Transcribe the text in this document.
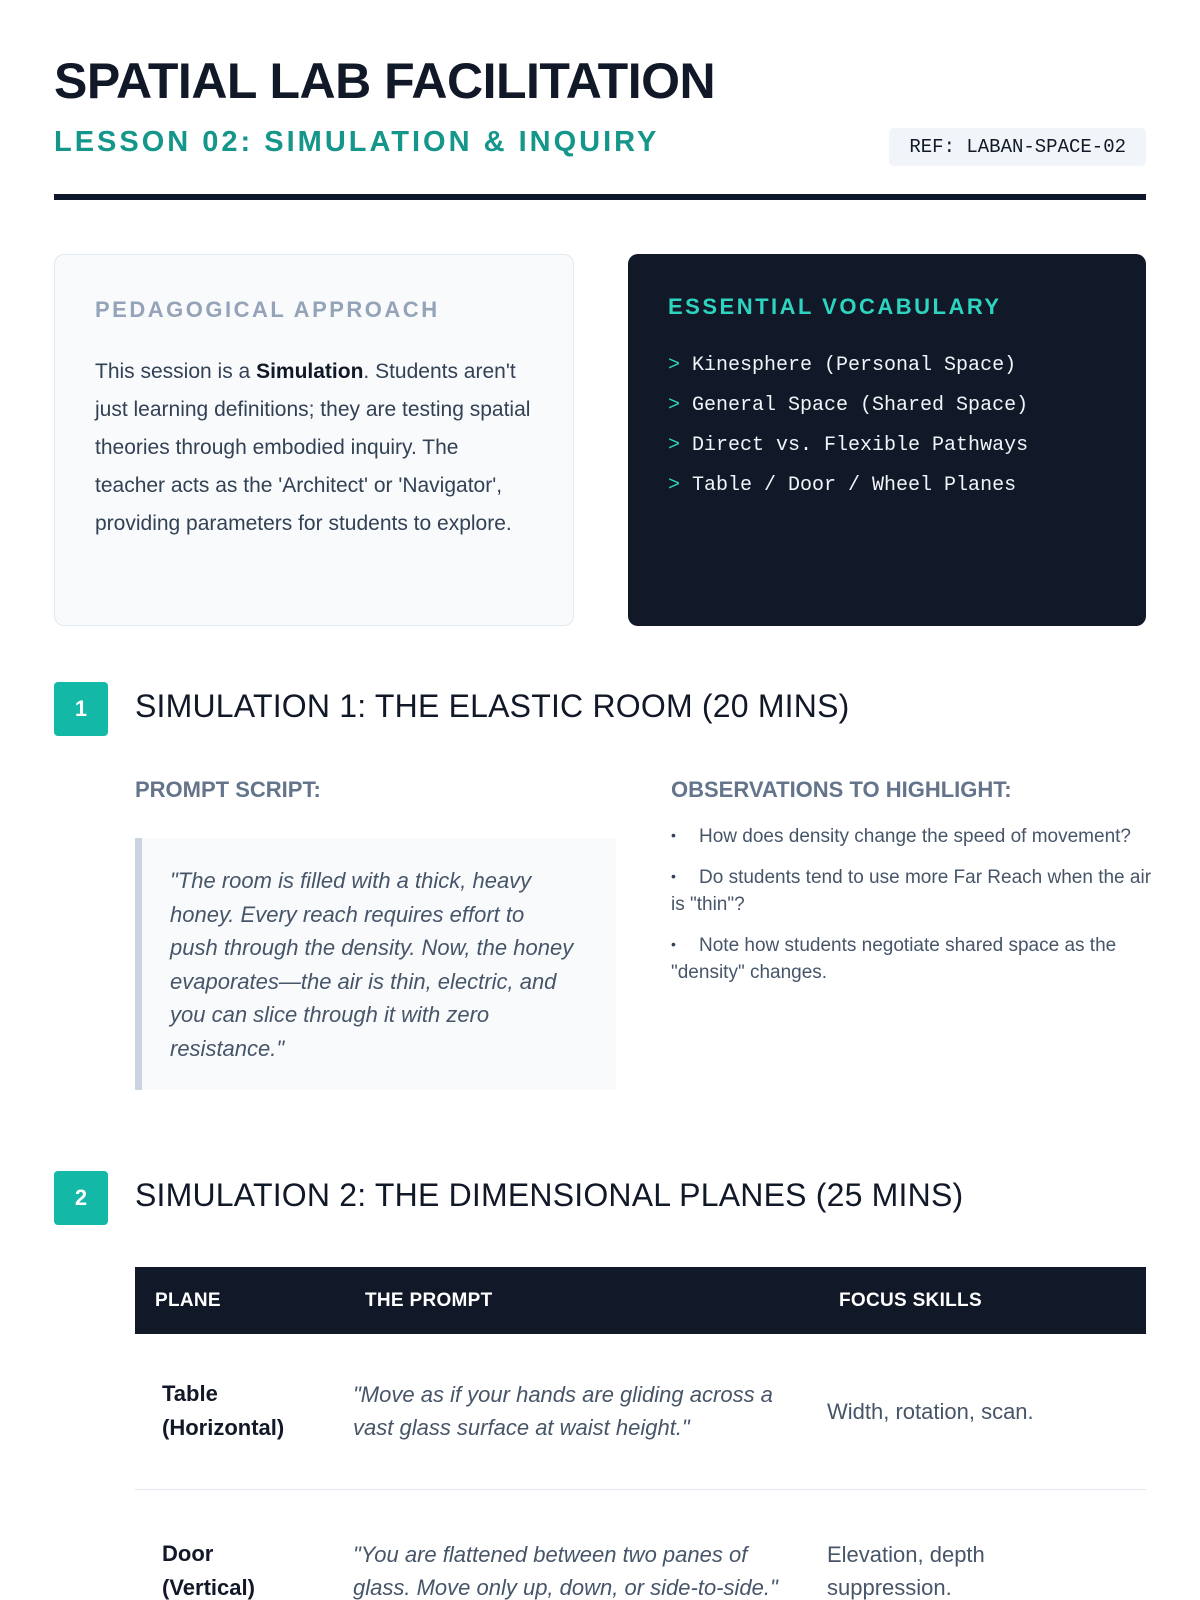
SPATIAL LAB FACILITATION
LESSON 02: SIMULATION & INQUIRY	REF: LABAN-SPACE-02
PEDAGOGICAL APPROACH

This session is a Simulation. Students aren't just learning definitions; they are testing spatial theories through embodied inquiry. The teacher acts as the 'Architect' or 'Navigator', providing parameters for students to explore.

ESSENTIAL VOCABULARY
> Kinesphere (Personal Space)
> General Space (Shared Space)
> Direct vs. Flexible Pathways
> Table / Door / Wheel Planes
1	SIMULATION 1: THE ELASTIC ROOM (20 MINS)
PROMPT SCRIPT:
"The room is filled with a thick, heavy honey. Every reach requires effort to push through the density. Now, the honey evaporates—the air is thin, electric, and you can slice through it with zero resistance."
OBSERVATIONS TO HIGHLIGHT:
• How does density change the speed of movement?
• Do students tend to use more Far Reach when the air is "thin"?
• Note how students negotiate shared space as the "density" changes.
2	SIMULATION 2: THE DIMENSIONAL PLANES (25 MINS)
PLANE	THE PROMPT	FOCUS SKILLS
Table
(Horizontal)	"Move as if your hands are gliding across a vast glass surface at waist height."	Width, rotation, scan.
Door
(Vertical)	"You are flattened between two panes of glass. Move only up, down, or side-to-side."	Elevation, depth suppression.
